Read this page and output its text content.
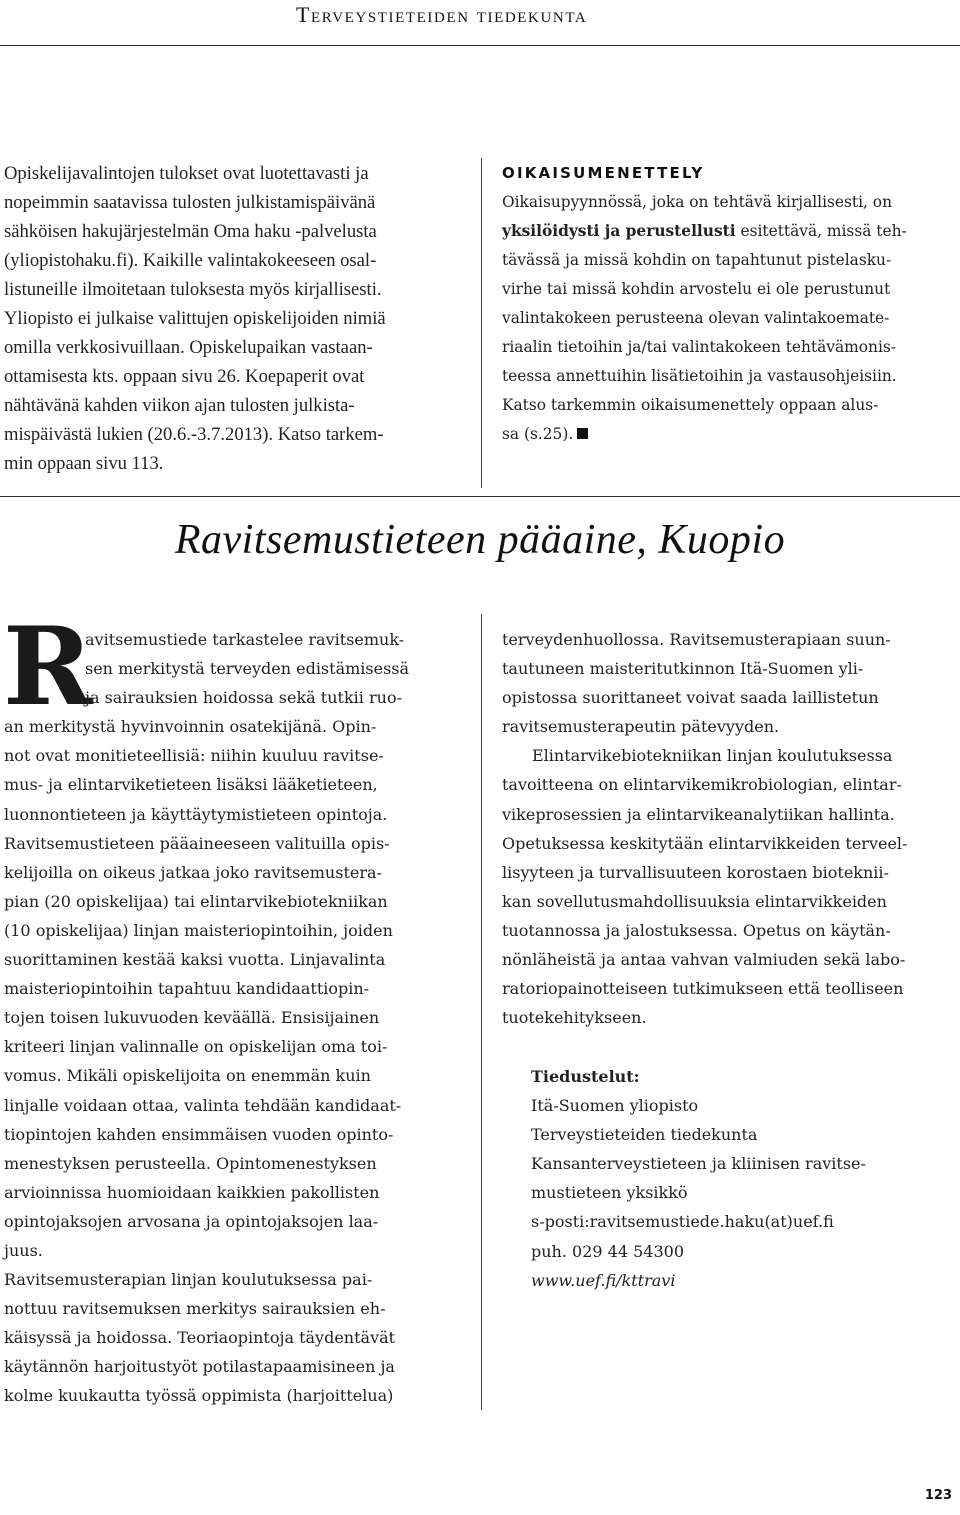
Terveystieteiden tiedekunta
Opiskelijavalintojen tulokset ovat luotettavasti ja
nopeimmin saatavissa tulosten julkistamispäivänä
sähköisen hakujärjestelmän Oma haku -palvelusta
(yliopistohaku.fi). Kaikille valintakokeeseen osal-
listuneille ilmoitetaan tuloksesta myös kirjallisesti.
Yliopisto ei julkaise valittujen opiskelijoiden nimiä
omilla verkkosivuillaan. Opiskelupaikan vastaan-
ottamisesta kts. oppaan sivu 26. Koepaperit ovat
nähtävänä kahden viikon ajan tulosten julkista-
mispäivästä lukien (20.6.-3.7.2013). Katso tarkem-
min oppaan sivu 113.
OIKAISUMENETTELY
Oikaisupyynnössä, joka on tehtävä kirjallisesti, on
yksilöidysti ja perustellusti esitettävä, missä teh-
tävässä ja missä kohdin on tapahtunut pistelasku-
virhe tai missä kohdin arvostelu ei ole perustunut
valintakokeen perusteena olevan valintakoemate-
riaalin tietoihin ja/tai valintakokeen tehtävämonis-
teessa annettuihin lisätietoihin ja vastausohjeisiin.
Katso tarkemmin oikaisumenettely oppaan alus-
sa (s.25).
Ravitsemustieteen pääaine, Kuopio
R
avitsemustiede tarkastelee ravitsemuk-
sen merkitystä terveyden edistämisessä
ja sairauksien hoidossa sekä tutkii ruo-
an merkitystä hyvinvoinnin osatekijänä. Opin-
not ovat monitieteellisiä: niihin kuuluu ravitse-
mus- ja elintarviketieteen lisäksi lääketieteen,
luonnontieteen ja käyttäytymistieteen opintoja.
Ravitsemustieteen pääaineeseen valituilla opis-
kelijoilla on oikeus jatkaa joko ravitsemustera-
pian (20 opiskelijaa) tai elintarvikebiotekniikan
(10 opiskelijaa) linjan maisteriopintoihin, joiden
suorittaminen kestää kaksi vuotta. Linjavalinta
maisteriopintoihin tapahtuu kandidaattiopin-
tojen toisen lukuvuoden keväällä. Ensisijainen
kriteeri linjan valinnalle on opiskelijan oma toi-
vomus. Mikäli opiskelijoita on enemmän kuin
linjalle voidaan ottaa, valinta tehdään kandidaat-
tiopintojen kahden ensimmäisen vuoden opinto-
menestyksen perusteella. Opintomenestyksen
arvioinnissa huomioidaan kaikkien pakollisten
opintojaksojen arvosana ja opintojaksojen laa-
juus.
Ravitsemusterapian linjan koulutuksessa pai-
nottuu ravitsemuksen merkitys sairauksien eh-
käisyssä ja hoidossa. Teoriaopintoja täydentävät
käytännön harjoitustyöt potilastapaamisineen ja
kolme kuukautta työssä oppimista (harjoittelua)
terveydenhuollossa. Ravitsemusterapiaan suun-
tautuneen maisteritutkinnon Itä-Suomen yli-
opistossa suorittaneet voivat saada laillistetun
ravitsemusterapeutin pätevyyden.
Elintarvikebiotekniikan linjan koulutuksessa
tavoitteena on elintarvikemikrobiologian, elintar-
vikeprosessien ja elintarvikeanalytiikan hallinta.
Opetuksessa keskitytään elintarvikkeiden terveel-
lisyyteen ja turvallisuuteen korostaen bioteknii-
kan sovellutusmahdollisuuksia elintarvikkeiden
tuotannossa ja jalostuksessa. Opetus on käytän-
nönläheistä ja antaa vahvan valmiuden sekä labo-
ratoriopainotteiseen tutkimukseen että teolliseen
tuotekehitykseen.
Tiedustelut:
Itä-Suomen yliopisto
Terveystieteiden tiedekunta
Kansanterveystieteen ja kliinisen ravitse-
mustieteen yksikkö
s-posti:ravitsemustiede.haku(at)uef.fi
puh. 029 44 54300
www.uef.fi/kttravi
123
